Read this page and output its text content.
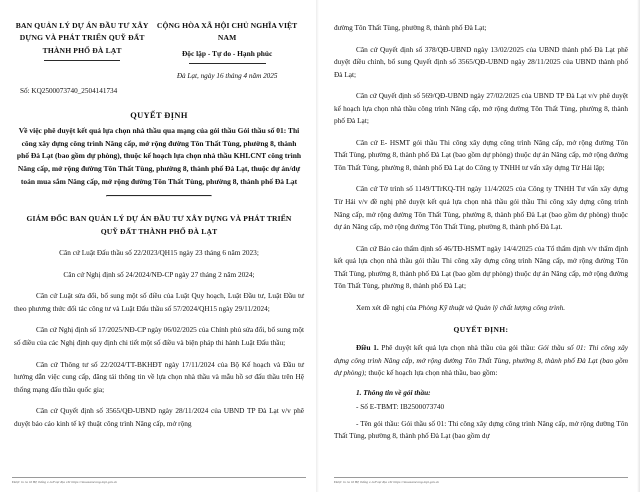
BAN QUẢN LÝ DỰ ÁN ĐẦU TƯ XÂY DỰNG VÀ PHÁT TRIỂN QUỸ ĐẤT THÀNH PHỐ ĐÀ LẠT
CỘNG HÒA XÃ HỘI CHỦ NGHĨA VIỆT NAM
Độc lập - Tự do - Hạnh phúc
Đà Lạt, ngày 16 tháng 4 năm 2025
Số: KQ2500073740_2504141734
QUYẾT ĐỊNH
Về việc phê duyệt kết quả lựa chọn nhà thầu qua mạng của gói thầu Gói thầu số 01: Thi công xây dựng công trình Nâng cấp, mở rộng đường Tôn Thất Tùng, phường 8, thành phố Đà Lạt (bao gồm dự phòng), thuộc kế hoạch lựa chọn nhà thầu KHLCNT công trình Nâng cấp, mở rộng đường Tôn Thất Tùng, phường 8, thành phố Đà Lạt, thuộc dự án/dự toán mua sắm Nâng cấp, mở rộng đường Tôn Thất Tùng, phường 8, thành phố Đà Lạt
GIÁM ĐỐC BAN QUẢN LÝ DỰ ÁN ĐẦU TƯ XÂY DỰNG VÀ PHÁT TRIỂN QUỸ ĐẤT THÀNH PHỐ ĐÀ LẠT
Căn cứ Luật Đấu thầu số 22/2023/QH15 ngày 23 tháng 6 năm 2023;
Căn cứ Nghị định số 24/2024/NĐ-CP ngày 27 tháng 2 năm 2024;
Căn cứ Luật sửa đổi, bổ sung một số điều của Luật Quy hoạch, Luật Đầu tư, Luật Đầu tư theo phương thức đối tác công tư và Luật Đấu thầu số 57/2024/QH15 ngày 29/11/2024;
Căn cứ Nghị định số 17/2025/NĐ-CP ngày 06/02/2025 của Chính phủ sửa đổi, bổ sung một số điều của các Nghị định quy định chi tiết một số điều và biện pháp thi hành Luật Đấu thầu;
Căn cứ Thông tư số 22/2024/TT-BKHĐT ngày 17/11/2024 của Bộ Kế hoạch và Đầu tư hướng dẫn việc cung cấp, đăng tải thông tin về lựa chọn nhà thầu và mẫu hồ sơ đấu thầu trên Hệ thống mạng đấu thầu quốc gia;
Căn cứ Quyết định số 3565/QĐ-UBND ngày 28/11/2024 của UBND TP Đà Lạt v/v phê duyệt báo cáo kinh tế kỹ thuật công trình Nâng cấp, mở rộng
Được in ra từ Hệ thống e-GP tại địa chỉ https://muasamcong.mpi.gov.vn
đường Tôn Thất Tùng, phường 8, thành phố Đà Lạt;
Căn cứ Quyết định số 378/QĐ-UBND ngày 13/02/2025 của UBND thành phố Đà Lạt phê duyệt điều chỉnh, bổ sung Quyết định số 3565/QĐ-UBND ngày 28/11/2025 của UBND thành phố Đà Lạt;
Căn cứ Quyết định số 569/QĐ-UBND ngày 27/02/2025 của UBND TP Đà Lạt v/v phê duyệt kế hoạch lựa chọn nhà thầu công trình Nâng cấp, mở rộng đường Tôn Thất Tùng, phường 8, thành phố Đà Lạt;
Căn cứ E- HSMT gói thầu Thi công xây dựng công trình Nâng cấp, mở rộng đường Tôn Thất Tùng, phường 8, thành phố Đà Lạt (bao gồm dự phòng) thuộc dự án Nâng cấp, mở rộng đường Tôn Thất Tùng, phường 8, thành phố Đà Lạt do Công ty TNHH tư vấn xây dựng Từ Hải lập;
Căn cứ Tờ trình số 1149/TTrKQ-TH ngày 11/4/2025 của Công ty TNHH Tư vấn xây dựng Từ Hải v/v đề nghị phê duyệt kết quả lựa chọn nhà thầu gói thầu Thi công xây dựng công trình Nâng cấp, mở rộng đường Tôn Thất Tùng, phường 8, thành phố Đà Lạt (bao gồm dự phòng) thuộc dự án Nâng cấp, mở rộng đường Tôn Thất Tùng, phường 8, thành phố Đà Lạt.
Căn cứ Báo cáo thẩm định số 46/TĐ-HSMT ngày 14/4/2025 của Tổ thẩm định v/v thẩm định kết quả lựa chọn nhà thầu gói thầu Thi công xây dựng công trình Nâng cấp, mở rộng đường Tôn Thất Tùng, phường 8, thành phố Đà Lạt (bao gồm dự phòng) thuộc dự án Nâng cấp, mở rộng đường Tôn Thất Tùng, phường 8, thành phố Đà Lạt;
Xem xét đề nghị của Phòng Kỹ thuật và Quản lý chất lượng công trình.
QUYẾT ĐỊNH:
Điều 1. Phê duyệt kết quả lựa chọn nhà thầu của gói thầu: Gói thầu số 01: Thi công xây dựng công trình Nâng cấp, mở rộng đường Tôn Thất Tùng, phường 8, thành phố Đà Lạt (bao gồm dự phòng); thuộc kế hoạch lựa chọn nhà thầu, bao gồm:
1. Thông tin về gói thầu:
- Số E-TBMT: IB2500073740
- Tên gói thầu: Gói thầu số 01: Thi công xây dựng công trình Nâng cấp, mở rộng đường Tôn Thất Tùng, phường 8, thành phố Đà Lạt (bao gồm dự
Được in ra từ Hệ thống e-GP tại địa chỉ https://muasamcong.mpi.gov.vn
